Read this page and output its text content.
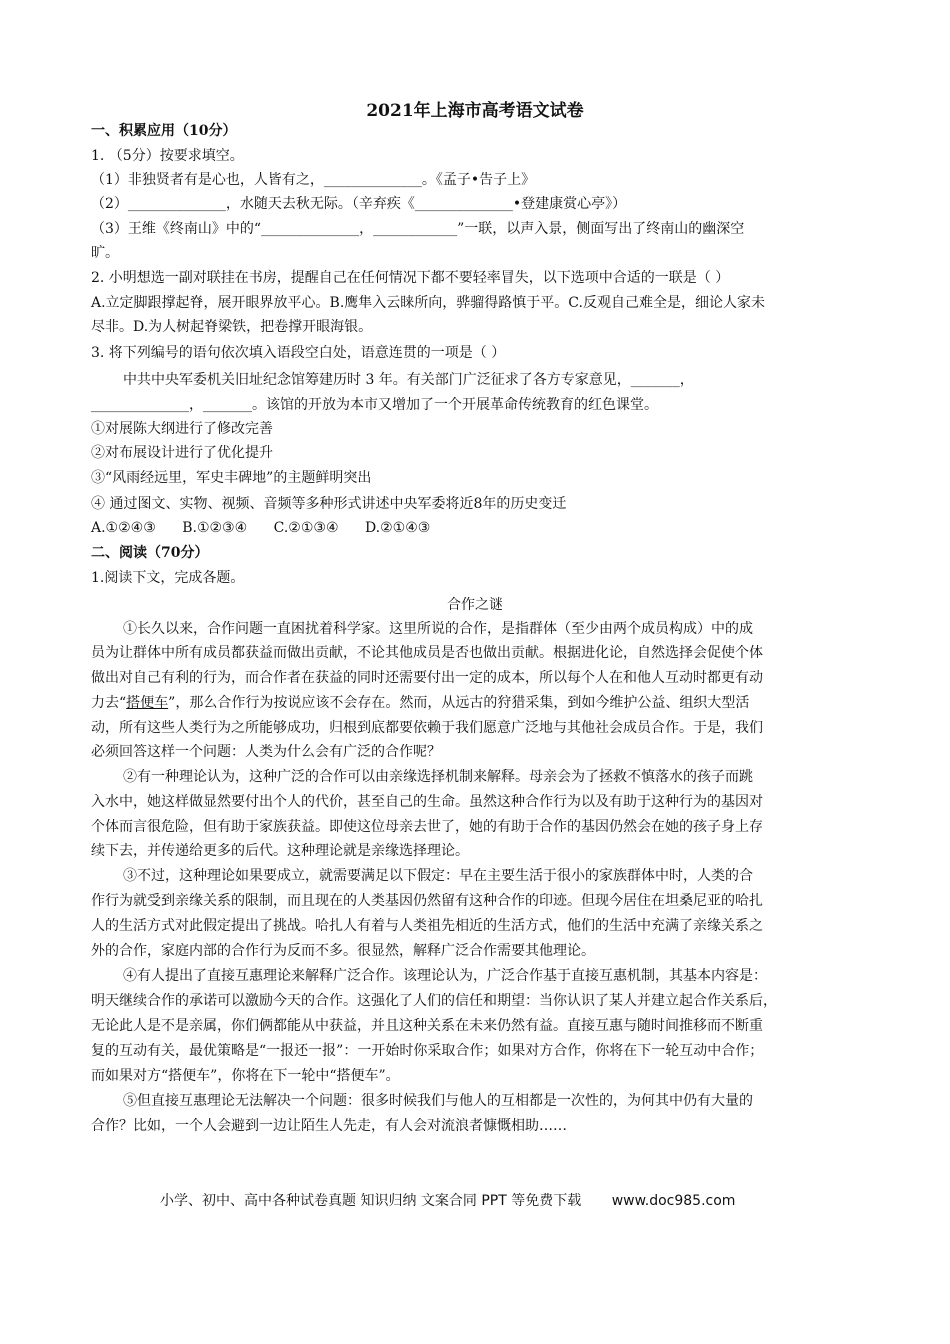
2021年上海市高考语文试卷
一、积累应用（10分）
1. （5分）按要求填空。
（1）非独贤者有是心也，人皆有之，______________。《孟子•告子上》
（2）______________，水随天去秋无际。（辛弃疾《______________•登建康赏心亭》）
（3）王维《终南山》中的“______________，____________”一联，以声入景，侧面写出了终南山的幽深空
旷。
2. 小明想选一副对联挂在书房，提醒自己在任何情况下都不要轻率冒失，以下选项中合适的一联是（ ）
A.立定脚跟撑起脊，展开眼界放平心。B.鹰隼入云睐所向，骅骝得路慎于平。C.反观自己难全是，细论人家未
尽非。D.为人树起脊梁铁，把卷撑开眼海银。
3. 将下列编号的语句依次填入语段空白处，语意连贯的一项是（ ）
中共中央军委机关旧址纪念馆筹建历时 3 年。有关部门广泛征求了各方专家意见，_______，
______________，_______。该馆的开放为本市又增加了一个开展革命传统教育的红色课堂。
①对展陈大纲进行了修改完善
②对布展设计进行了优化提升
③“风雨经远里，军史丰碑地”的主题鲜明突出
④ 通过图文、实物、视频、音频等多种形式讲述中央军委将近8年的历史变迁
A.①②④③ B.①②③④ C.②①③④ D.②①④③
二、阅读（70分）
1.阅读下文，完成各题。
合作之谜
①长久以来，合作问题一直困扰着科学家。这里所说的合作，是指群体（至少由两个成员构成）中的成
员为让群体中所有成员都获益而做出贡献，不论其他成员是否也做出贡献。根据进化论，自然选择会促使个体
做出对自己有利的行为，而合作者在获益的同时还需要付出一定的成本，所以每个人在和他人互动时都更有动
力去“搭便车”，那么合作行为按说应该不会存在。然而，从远古的狩猎采集，到如今维护公益、组织大型活
动，所有这些人类行为之所能够成功，归根到底都要依赖于我们愿意广泛地与其他社会成员合作。于是，我们
必须回答这样一个问题：人类为什么会有广泛的合作呢？
②有一种理论认为，这种广泛的合作可以由亲缘选择机制来解释。母亲会为了拯救不慎落水的孩子而跳
入水中，她这样做显然要付出个人的代价，甚至自己的生命。虽然这种合作行为以及有助于这种行为的基因对
个体而言很危险，但有助于家族获益。即使这位母亲去世了，她的有助于合作的基因仍然会在她的孩子身上存
续下去，并传递给更多的后代。这种理论就是亲缘选择理论。
③不过，这种理论如果要成立，就需要满足以下假定：早在主要生活于很小的家族群体中时，人类的合
作行为就受到亲缘关系的限制，而且现在的人类基因仍然留有这种合作的印迹。但现今居住在坦桑尼亚的哈扎
人的生活方式对此假定提出了挑战。哈扎人有着与人类祖先相近的生活方式，他们的生活中充满了亲缘关系之
外的合作，家庭内部的合作行为反而不多。很显然，解释广泛合作需要其他理论。
④有人提出了直接互惠理论来解释广泛合作。该理论认为，广泛合作基于直接互惠机制，其基本内容是：
明天继续合作的承诺可以激励今天的合作。这强化了人们的信任和期望：当你认识了某人并建立起合作关系后，
无论此人是不是亲属，你们俩都能从中获益，并且这种关系在未来仍然有益。直接互惠与随时间推移而不断重
复的互动有关，最优策略是“一报还一报”：一开始时你采取合作；如果对方合作，你将在下一轮互动中合作；
而如果对方“搭便车”，你将在下一轮中“搭便车”。
⑤但直接互惠理论无法解决一个问题：很多时候我们与他人的互相都是一次性的，为何其中仍有大量的
合作？比如，一个人会避到一边让陌生人先走，有人会对流浪者慷慨相助……
小学、初中、高中各种试卷真题 知识归纳 文案合同 PPT 等免费下载 www.doc985.com
